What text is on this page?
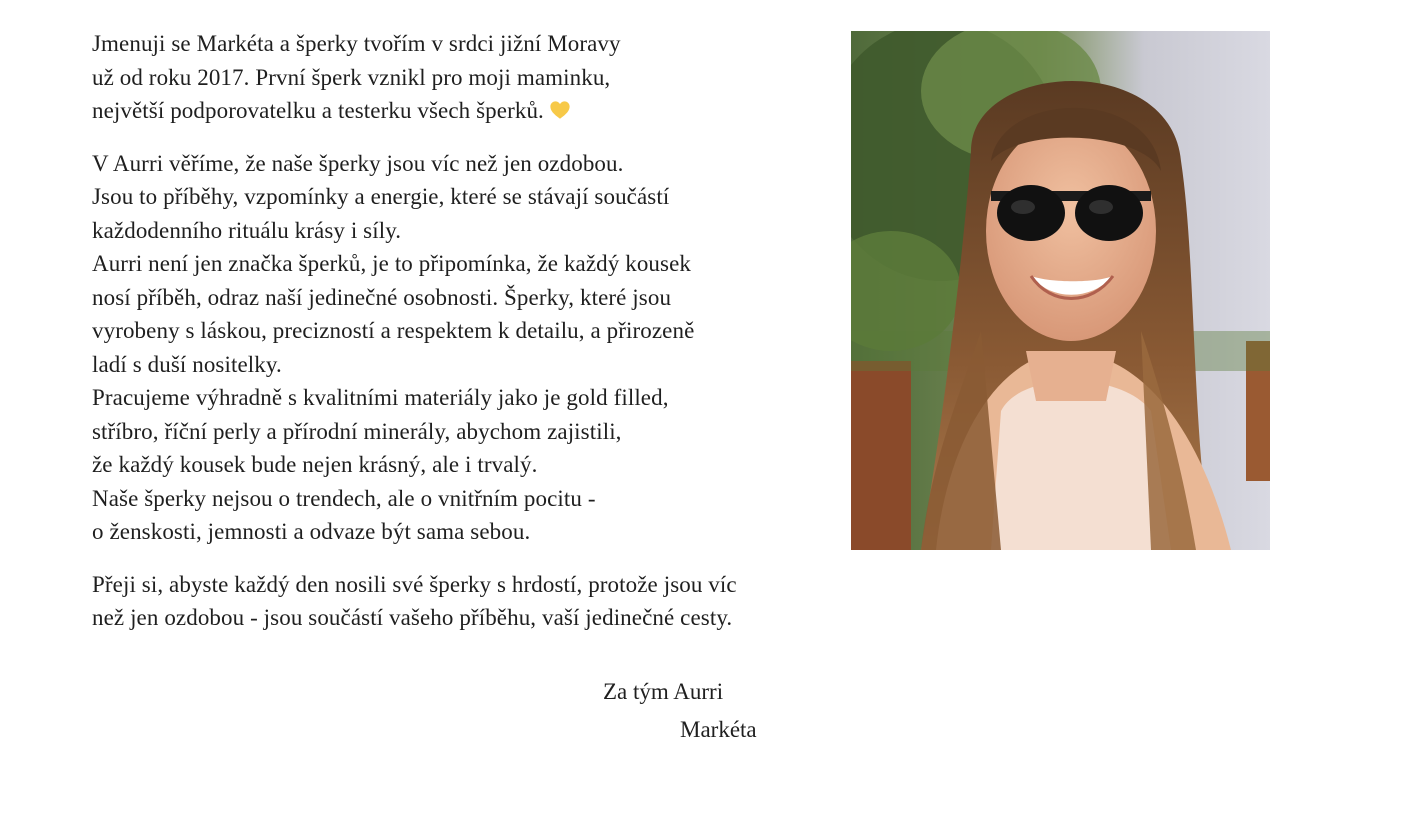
Jmenuji se Markéta a šperky tvořím v srdci jižní Moravy
už od roku 2017. První šperk vznikl pro moji maminku,
největší podporovatelku a testerku všech šperků.

V Aurri věříme, že naše šperky jsou víc než jen ozdobou.
Jsou to příběhy, vzpomínky a energie, které se stávají součástí
každodenního rituálu krásy i síly.
Aurri není jen značka šperků, je to připomínka, že každý kousek
nosí příběh, odraz naší jedinečné osobnosti. Šperky, které jsou
vyrobeny s láskou, precizností a respektem k detailu, a přirozeně
ladí s duší nositelky.
Pracujeme výhradně s kvalitními materiály jako je gold filled,
stříbro, říční perly a přírodní minerály, abychom zajistili,
že každý kousek bude nejen krásný, ale i trvalý.
Naše šperky nejsou o trendech, ale o vnitřním pocitu -
o ženskosti, jemnosti a odvaze být sama sebou.

Přeji si, abyste každý den nosili své šperky s hrdostí, protože jsou víc
než jen ozdobou - jsou součástí vašeho příběhu, vaší jedinečné cesty.

Za tým Aurri
Markéta
